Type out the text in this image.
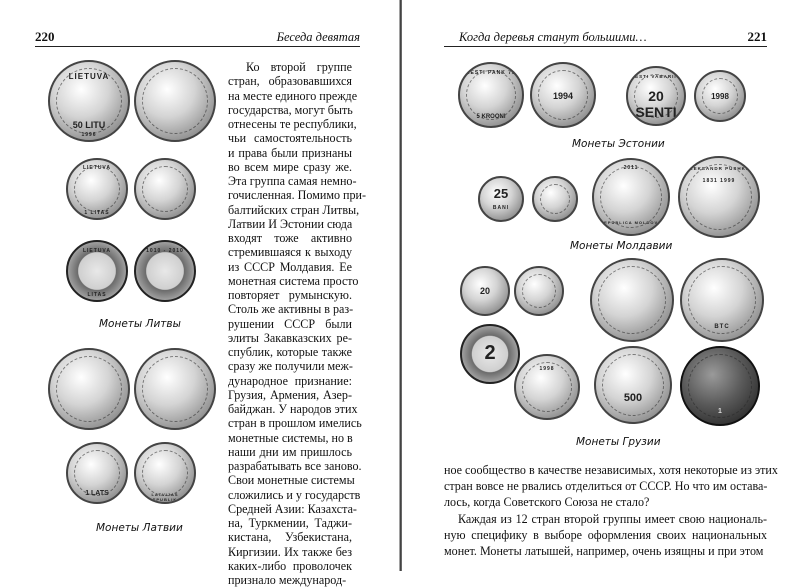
220	Беседа девятая
LIETUVA
50 LITŲ
1996
LIETUVA
1 LITAS
LIETUVA
LITAS
1010 - 2010
Монеты Литвы
1 LATS	LATVIJAS REPUBLIKA
Монеты Латвии
Ко второй группе
стран, образовавшихся
на месте единого прежде
государства, могут быть
отнесены те республики,
чьи самостоятельность
и права были признаны
во всем мире сразу же.
Эта группа самая немно-
гочисленная. Помимо при-
балтийских стран Литвы,
Латвии И Эстонии сюда
входят тоже активно
стремившаяся к выходу
из СССР Молдавия. Ее
монетная система просто
повторяет румынскую.
Столь же активны в раз-
рушении СССР были
элиты Закавказских ре-
спублик, которые также
сразу же получили меж-
дународное признание:
Грузия, Армения, Азер-
байджан. У народов этих
стран в прошлом имелись
монетные системы, но в
наши дни им пришлось
разрабатывать все заново.
Свои монетные системы
сложились и у государств
Средней Азии: Казахста-
на, Туркмении, Таджи-
кистана, Узбекистана,
Киргизии. Их также без
каких-либо проволочек
признало международ-
Когда деревья станут большими…	221
EESTI PANK 78
5 KROONI
1994
EESTI VABARIIK
20 SENTI
1998
Монеты Эстонии
25
BANI
2011
REPUBLICA MOLDOVA
ALEKSANDR PUSHKIN
1831 1999
Монеты Молдавии
20
BTC
2
1998
500
1
Монеты Грузии
ное сообщество в качестве независимых, хотя некоторые из этих
стран вовсе не рвались отделиться от СССР. Но что им остава-
лось, когда Советского Союза не стало?
Каждая из 12 стран второй группы имеет свою националь-
ную специфику в выборе оформления своих национальных
монет. Монеты латышей, например, очень изящны и при этом
